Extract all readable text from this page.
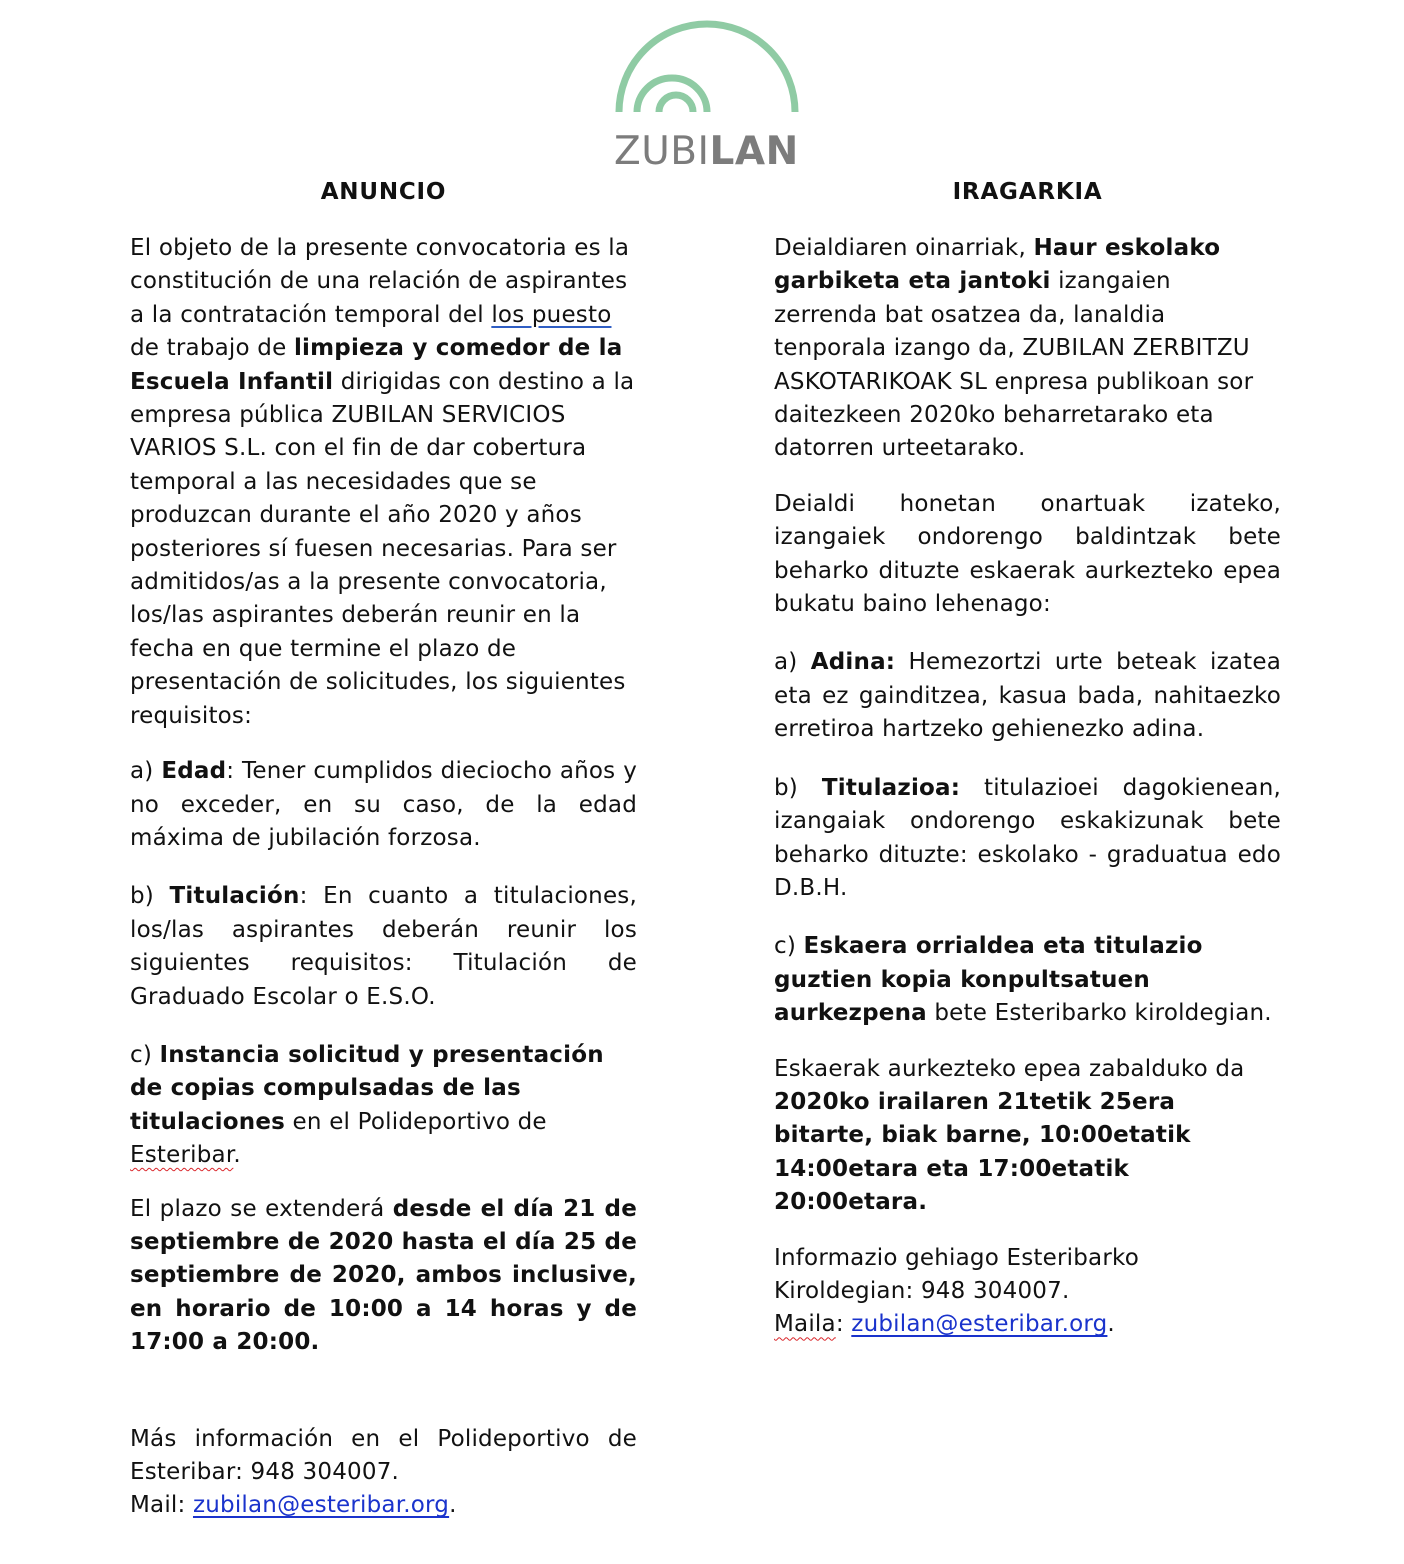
ZUBILAN
ANUNCIO

El objeto de la presente convocatoria es la constitución de una relación de aspirantes a la contratación temporal del los puesto de trabajo de limpieza y comedor de la Escuela Infantil dirigidas con destino a la empresa pública ZUBILAN SERVICIOS VARIOS S.L. con el fin de dar cobertura temporal a las necesidades que se produzcan durante el año 2020 y años posteriores sí fuesen necesarias. Para ser admitidos/as a la presente convocatoria, los/las aspirantes deberán reunir en la fecha en que termine el plazo de presentación de solicitudes, los siguientes requisitos:

a) Edad: Tener cumplidos dieciocho años y no exceder, en su caso, de la edad máxima de jubilación forzosa.

b) Titulación: En cuanto a titulaciones, los/las aspirantes deberán reunir los siguientes requisitos: Titulación de Graduado Escolar o E.S.O.

c) Instancia solicitud y presentación de copias compulsadas de las titulaciones en el Polideportivo de Esteribar.

El plazo se extenderá desde el día 21 de septiembre de 2020 hasta el día 25 de septiembre de 2020, ambos inclusive, en horario de 10:00 a 14 horas y de 17:00 a 20:00.

Más información en el Polideportivo de Esteribar: 948 304007.
Mail: zubilan@esteribar.org.

IRAGARKIA

Deialdiaren oinarriak, Haur eskolako garbiketa eta jantoki izangaien zerrenda bat osatzea da, lanaldia tenporala izango da, ZUBILAN ZERBITZU ASKOTARIKOAK SL enpresa publikoan sor daitezkeen 2020ko beharretarako eta datorren urteetarako.

Deialdi honetan onartuak izateko, izangaiek ondorengo baldintzak bete beharko dituzte eskaerak aurkezteko epea bukatu baino lehenago:

a) Adina: Hemezortzi urte beteak izatea eta ez gainditzea, kasua bada, nahitaezko erretiroa hartzeko gehienezko adina.

b) Titulazioa: titulazioei dagokienean, izangaiak ondorengo eskakizunak bete beharko dituzte: eskolako - graduatua edo D.B.H.

c) Eskaera orrialdea eta titulazio guztien kopia konpultsatuen aurkezpena bete Esteribarko kiroldegian.

Eskaerak aurkezteko epea zabalduko da 2020ko irailaren 21tetik 25era bitarte, biak barne, 10:00etatik 14:00etara eta 17:00etatik 20:00etara.

Informazio gehiago Esteribarko
Kiroldegian: 948 304007.
Maila: zubilan@esteribar.org.
